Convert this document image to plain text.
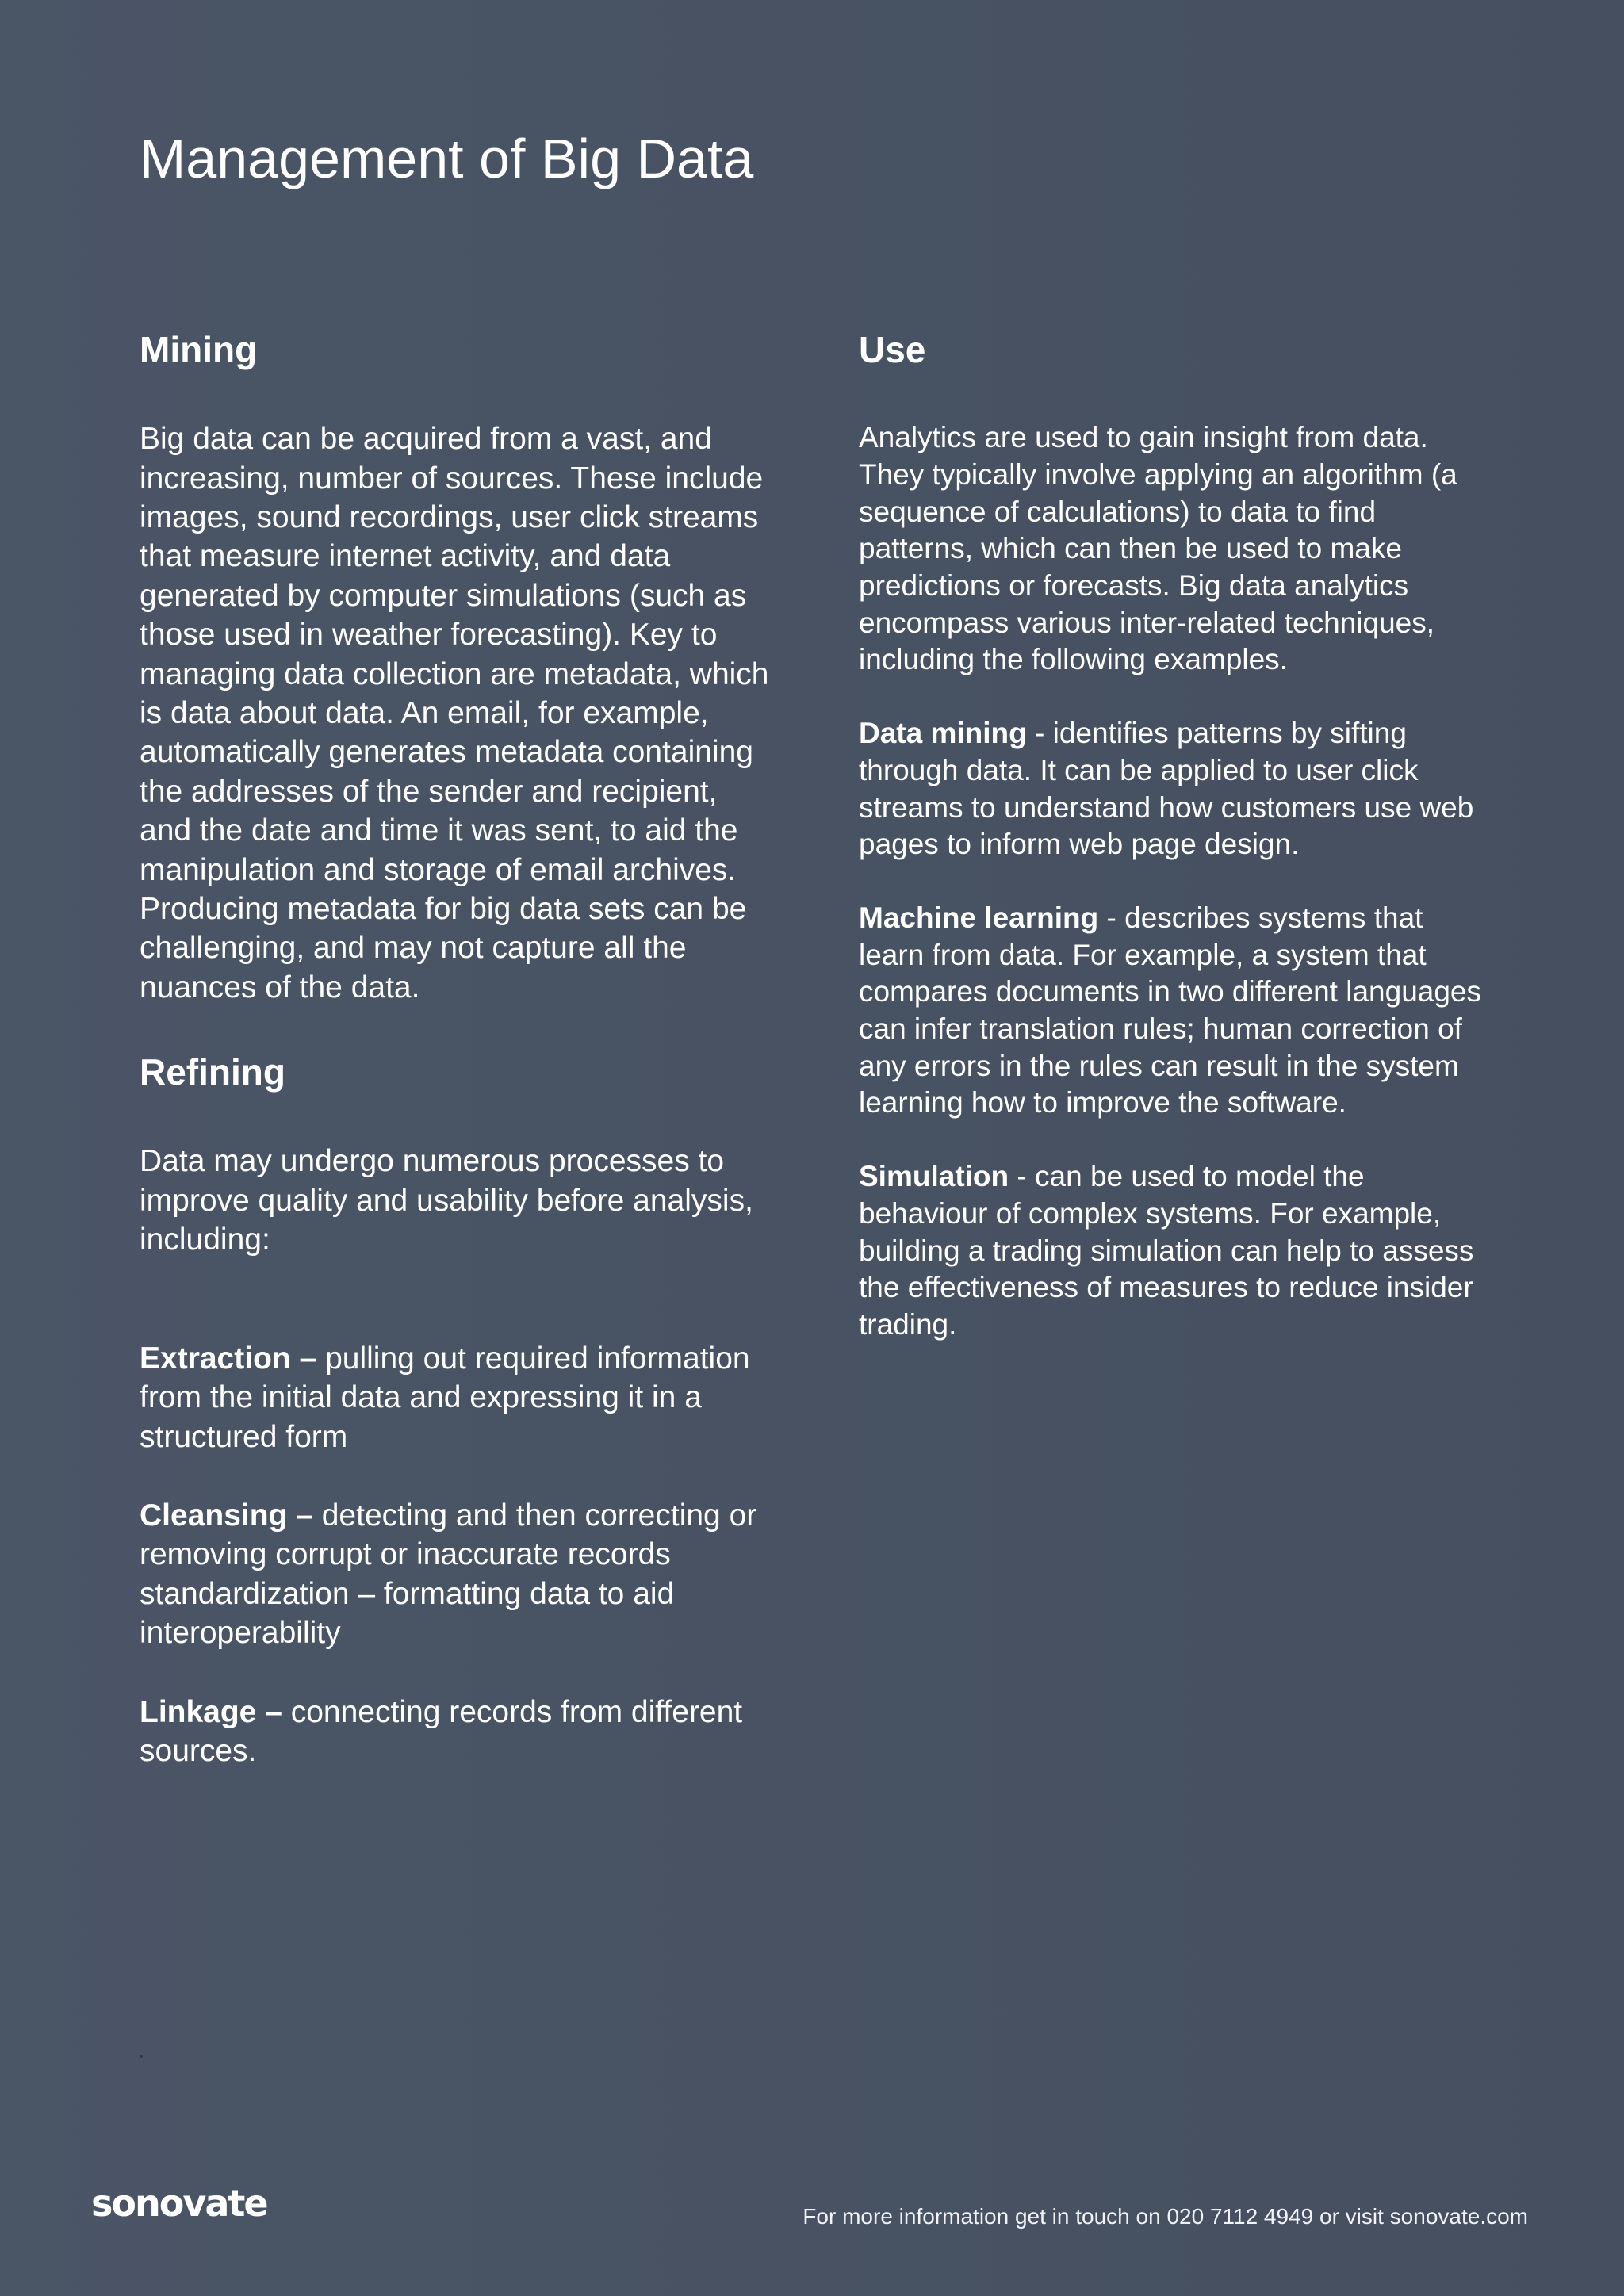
Management of Big Data
Mining

Big data can be acquired from a vast, and increasing, number of sources. These include images, sound recordings, user click streams that measure internet activity, and data generated by computer simulations (such as those used in weather forecasting). Key to managing data collection are metadata, which is data about data. An email, for example, automatically generates metadata containing the addresses of the sender and recipient, and the date and time it was sent, to aid the manipulation and storage of email archives. Producing metadata for big data sets can be challenging, and may not capture all the nuances of the data.

Refining

Data may undergo numerous processes to improve quality and usability before analysis, including:

Extraction – pulling out required information from the initial data and expressing it in a structured form

Cleansing – detecting and then correcting or removing corrupt or inaccurate records standardization – formatting data to aid interoperability

Linkage – connecting records from different sources.

Use

Analytics are used to gain insight from data. They typically involve applying an algorithm (a sequence of calculations) to data to find patterns, which can then be used to make predictions or forecasts. Big data analytics encompass various inter-related techniques, including the following examples.

Data mining - identifies patterns by sifting through data. It can be applied to user click streams to understand how customers use web pages to inform web page design.

Machine learning - describes systems that learn from data. For example, a system that compares documents in two different languages can infer translation rules; human correction of any errors in the rules can result in the system learning how to improve the software.

Simulation - can be used to model the behaviour of complex systems. For example, building a trading simulation can help to assess the effectiveness of measures to reduce insider trading.

sonovate	For more information get in touch on 020 7112 4949 or visit sonovate.com
